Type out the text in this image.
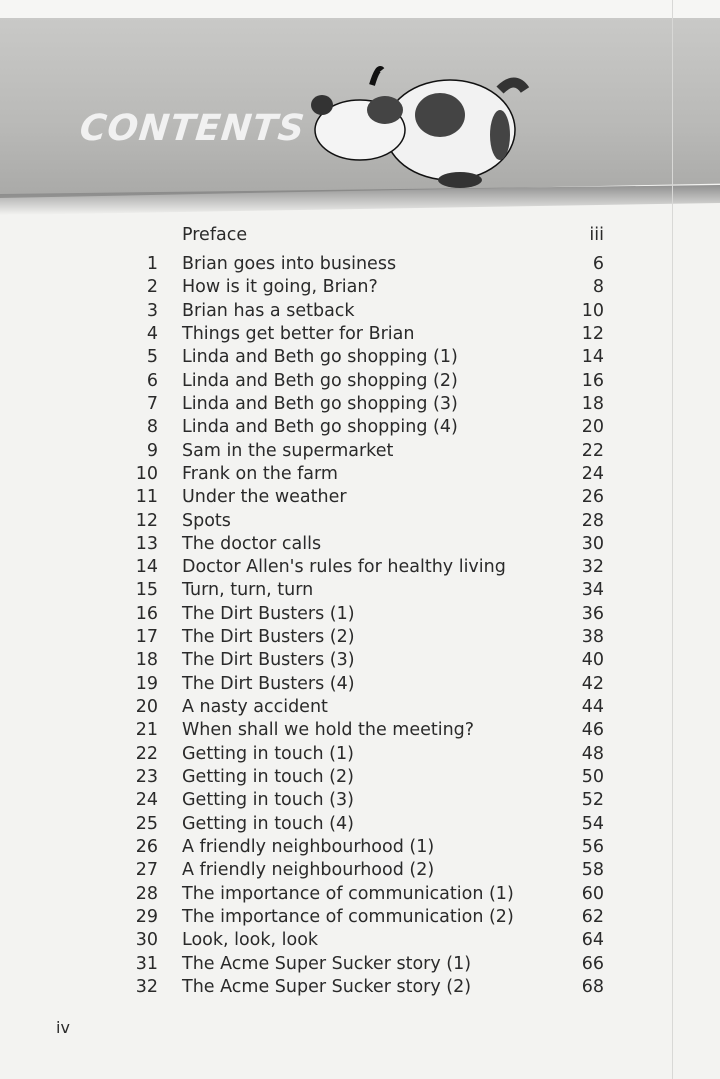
CONTENTS
Preface	iii
1 Brian goes into business	6
2 How is it going, Brian?	8
3 Brian has a setback	10
4 Things get better for Brian	12
5 Linda and Beth go shopping (1)	14
6 Linda and Beth go shopping (2)	16
7 Linda and Beth go shopping (3)	18
8 Linda and Beth go shopping (4)	20
9 Sam in the supermarket	22
10 Frank on the farm	24
11 Under the weather	26
12 Spots	28
13 The doctor calls	30
14 Doctor Allen's rules for healthy living	32
15 Turn, turn, turn	34
16 The Dirt Busters (1)	36
17 The Dirt Busters (2)	38
18 The Dirt Busters (3)	40
19 The Dirt Busters (4)	42
20 A nasty accident	44
21 When shall we hold the meeting?	46
22 Getting in touch (1)	48
23 Getting in touch (2)	50
24 Getting in touch (3)	52
25 Getting in touch (4)	54
26 A friendly neighbourhood (1)	56
27 A friendly neighbourhood (2)	58
28 The importance of communication (1)	60
29 The importance of communication (2)	62
30 Look, look, look	64
31 The Acme Super Sucker story (1)	66
32 The Acme Super Sucker story (2)	68
iv
